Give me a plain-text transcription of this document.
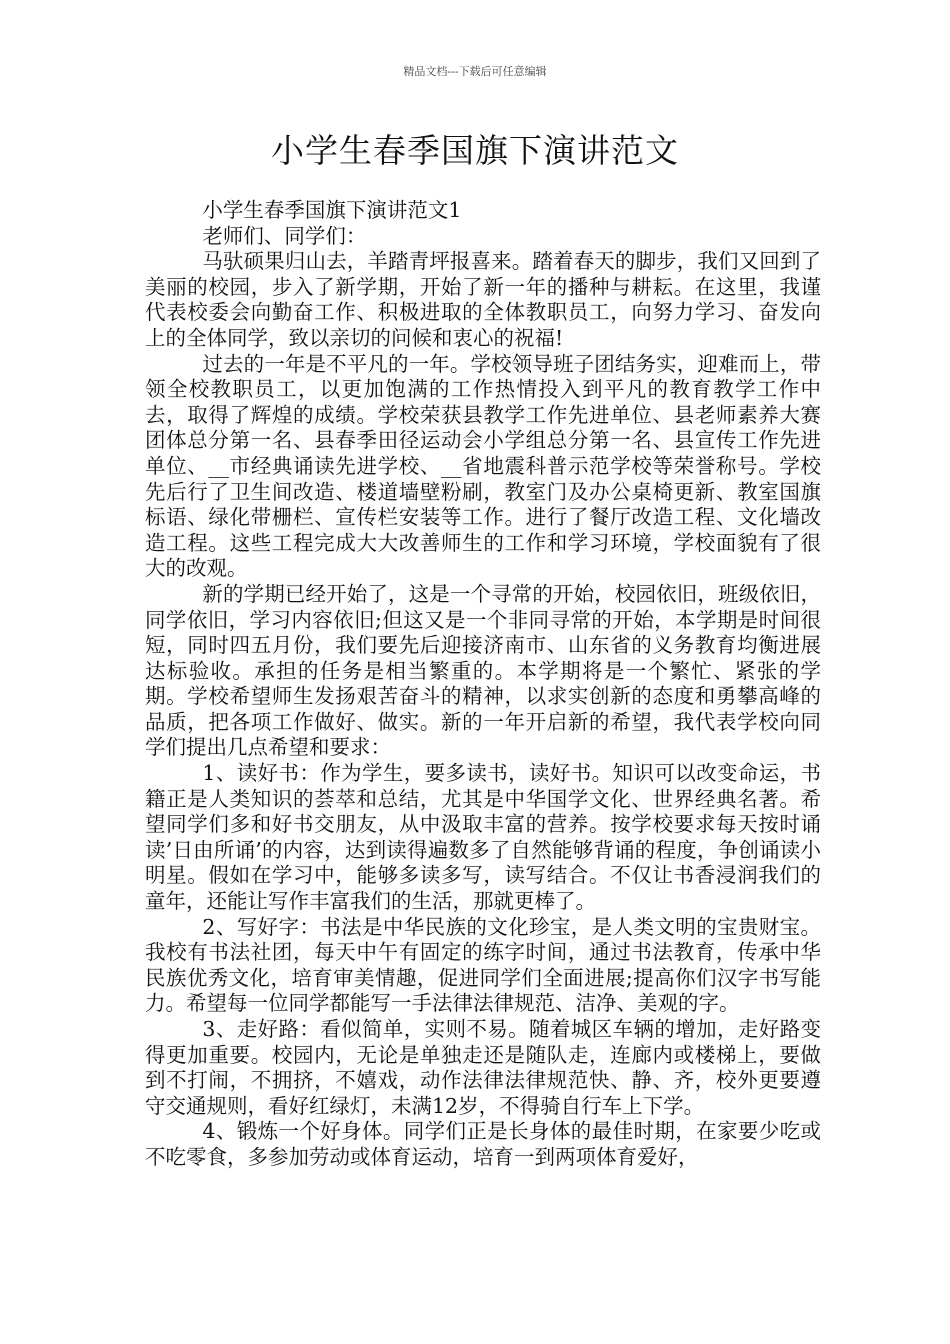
精品文档---下载后可任意编辑
小学生春季国旗下演讲范文

小学生春季国旗下演讲范文1

老师们、同学们：

马驮硕果归山去，羊踏青坪报喜来。踏着春天的脚步，我们又回到了美丽的校园，步入了新学期，开始了新一年的播种与耕耘。在这里，我谨代表校委会向勤奋工作、积极进取的全体教职员工，向努力学习、奋发向上的全体同学，致以亲切的问候和衷心的祝福!

过去的一年是不平凡的一年。学校领导班子团结务实，迎难而上，带领全校教职员工，以更加饱满的工作热情投入到平凡的教育教学工作中去，取得了辉煌的成绩。学校荣获县教学工作先进单位、县老师素养大赛团体总分第一名、县春季田径运动会小学组总分第一名、县宣传工作先进单位、__市经典诵读先进学校、__省地震科普示范学校等荣誉称号。学校先后行了卫生间改造、楼道墙壁粉刷，教室门及办公桌椅更新、教室国旗标语、绿化带栅栏、宣传栏安装等工作。进行了餐厅改造工程、文化墙改造工程。这些工程完成大大改善师生的工作和学习环境，学校面貌有了很大的改观。

新的学期已经开始了，这是一个寻常的开始，校园依旧，班级依旧，同学依旧，学习内容依旧;但这又是一个非同寻常的开始，本学期是时间很短，同时四五月份，我们要先后迎接济南市、山东省的义务教育均衡进展达标验收。承担的任务是相当繁重的。本学期将是一个繁忙、紧张的学期。学校希望师生发扬艰苦奋斗的精神，以求实创新的态度和勇攀高峰的品质，把各项工作做好、做实。新的一年开启新的希望，我代表学校向同学们提出几点希望和要求：

1、读好书：作为学生，要多读书，读好书。知识可以改变命运，书籍正是人类知识的荟萃和总结，尤其是中华国学文化、世界经典名著。希望同学们多和好书交朋友，从中汲取丰富的营养。按学校要求每天按时诵读’日由所诵’的内容，达到读得遍数多了自然能够背诵的程度，争创诵读小明星。假如在学习中，能够多读多写，读写结合。不仅让书香浸润我们的童年，还能让写作丰富我们的生活，那就更棒了。

2、写好字：书法是中华民族的文化珍宝，是人类文明的宝贵财宝。我校有书法社团，每天中午有固定的练字时间，通过书法教育，传承中华民族优秀文化，培育审美情趣，促进同学们全面进展;提高你们汉字书写能力。希望每一位同学都能写一手法律法律规范、洁净、美观的字。

3、走好路：看似简单，实则不易。随着城区车辆的增加，走好路变得更加重要。校园内，无论是单独走还是随队走，连廊内或楼梯上，要做到不打闹，不拥挤，不嬉戏，动作法律法律规范快、静、齐，校外更要遵守交通规则，看好红绿灯，未满12岁，不得骑自行车上下学。

4、锻炼一个好身体。同学们正是长身体的最佳时期，在家要少吃或不吃零食，多参加劳动或体育运动，培育一到两项体育爱好，
